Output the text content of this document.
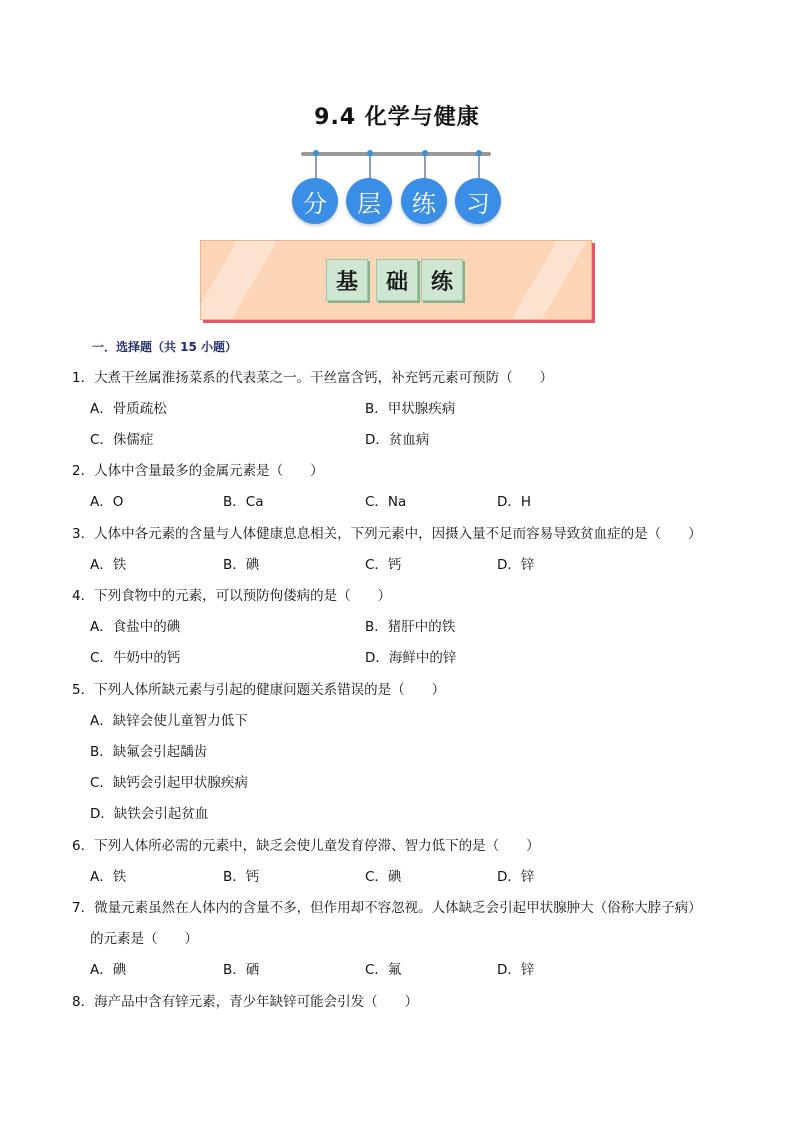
9.4 化学与健康
分	层	练	习
基	础	练
一．选择题（共 15 小题）
1．大煮干丝属淮扬菜系的代表菜之一。干丝富含钙，补充钙元素可预防（　　）
A．骨质疏松	B．甲状腺疾病
C．侏儒症	D．贫血病
2．人体中含量最多的金属元素是（　　）
A．O	B．Ca	C．Na	D．H
3．人体中各元素的含量与人体健康息息相关，下列元素中，因摄入量不足而容易导致贫血症的是（　　）
A．铁	B．碘	C．钙	D．锌
4．下列食物中的元素，可以预防佝偻病的是（　　）
A．食盐中的碘	B．猪肝中的铁
C．牛奶中的钙	D．海鲜中的锌
5．下列人体所缺元素与引起的健康问题关系错误的是（　　）
A．缺锌会使儿童智力低下
B．缺氟会引起龋齿
C．缺钙会引起甲状腺疾病
D．缺铁会引起贫血
6．下列人体所必需的元素中，缺乏会使儿童发育停滞、智力低下的是（　　）
A．铁	B．钙	C．碘	D．锌
7．微量元素虽然在人体内的含量不多，但作用却不容忽视。人体缺乏会引起甲状腺肿大（俗称大脖子病）
的元素是（　　）
A．碘	B．硒	C．氟	D．锌
8．海产品中含有锌元素，青少年缺锌可能会引发（　　）
